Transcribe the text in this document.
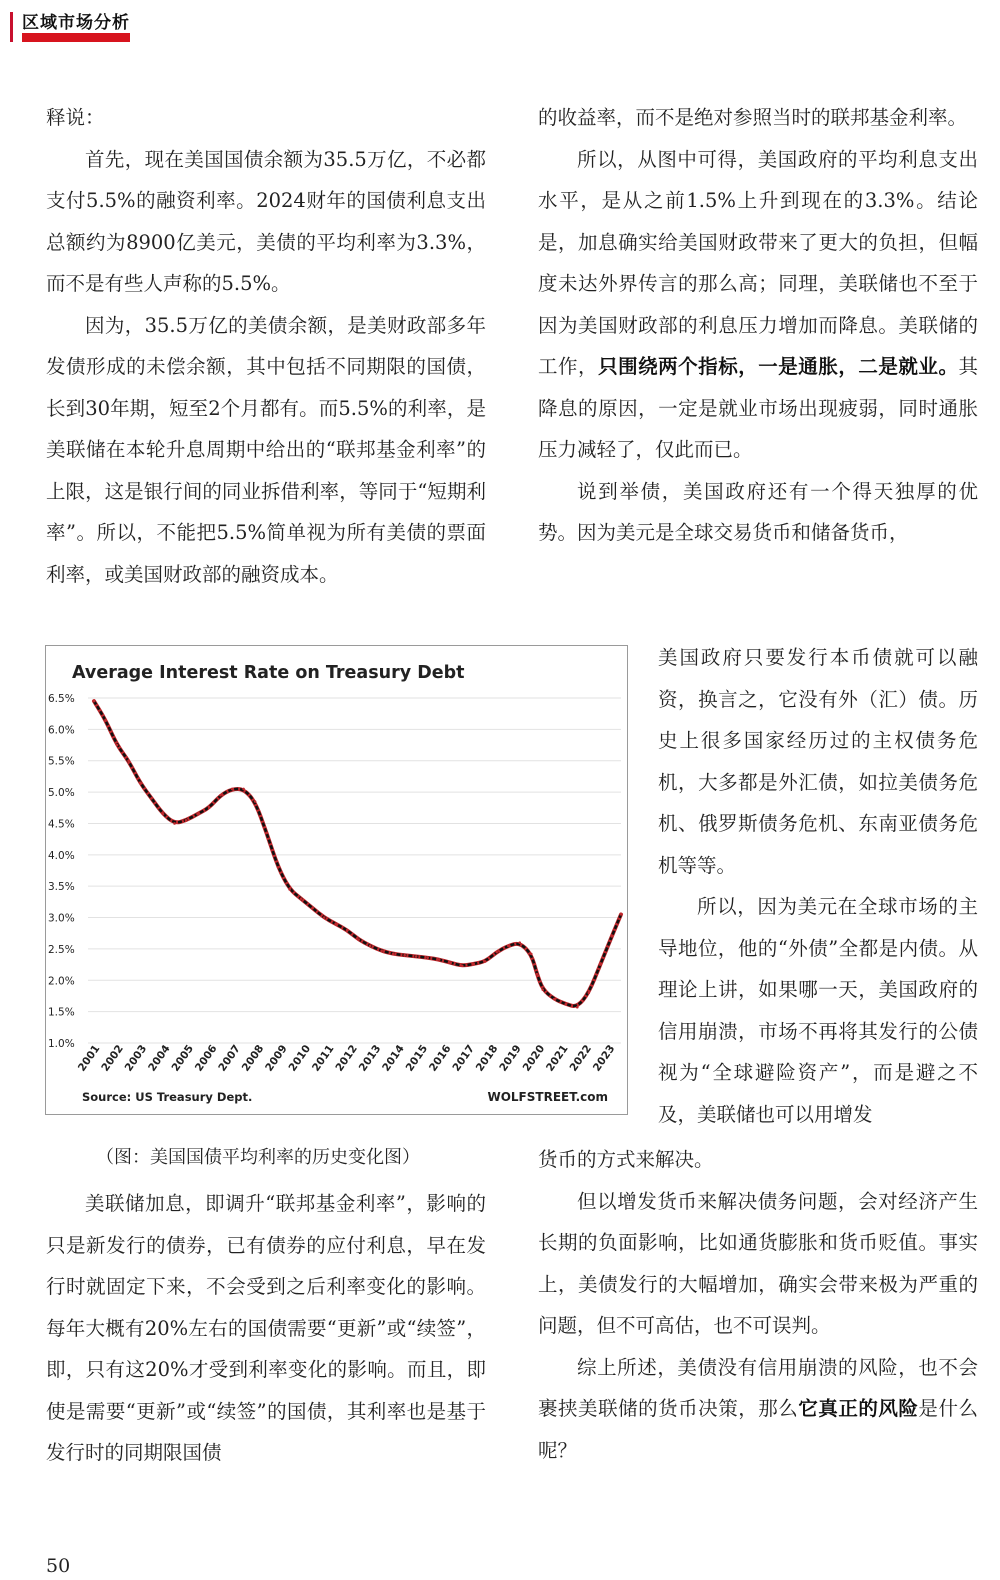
区域市场分析

释说：

首先，现在美国国债余额为35.5万亿，不必都支付5.5%的融资利率。2024财年的国债利息支出总额约为8900亿美元，美债的平均利率为3.3%，而不是有些人声称的5.5%。

因为，35.5万亿的美债余额，是美财政部多年发债形成的未偿余额，其中包括不同期限的国债，长到30年期，短至2个月都有。而5.5%的利率，是美联储在本轮升息周期中给出的“联邦基金利率”的上限，这是银行间的同业拆借利率，等同于“短期利率”。所以，不能把5.5%简单视为所有美债的票面利率，或美国财政部的融资成本。

Average Interest Rate on Treasury Debt
1.0%
1.5%
2.0%
2.5%
3.0%
3.5%
4.0%
4.5%
5.0%
5.5%
6.0%
6.5%
2001
2002
2003
2004
2005
2006
2007
2008
2009
2010
2011
2012
2013
2014
2015
2016
2017
2018
2019
2020
2021
2022
2023
Source: US Treasury Dept.	WOLFSTREET.com
（图：美国国债平均利率的历史变化图）

美联储加息，即调升“联邦基金利率”，影响的只是新发行的债券，已有债券的应付利息，早在发行时就固定下来，不会受到之后利率变化的影响。每年大概有20%左右的国债需要“更新”或“续签”，即，只有这20%才受到利率变化的影响。而且，即使是需要“更新”或“续签”的国债，其利率也是基于发行时的同期限国债

的收益率，而不是绝对参照当时的联邦基金利率。

所以，从图中可得，美国政府的平均利息支出水平，是从之前1.5%上升到现在的3.3%。结论是，加息确实给美国财政带来了更大的负担，但幅度未达外界传言的那么高；同理，美联储也不至于因为美国财政部的利息压力增加而降息。美联储的工作，只围绕两个指标，一是通胀，二是就业。其降息的原因，一定是就业市场出现疲弱，同时通胀压力减轻了，仅此而已。

说到举债，美国政府还有一个得天独厚的优势。因为美元是全球交易货币和储备货币，

美国政府只要发行本币债就可以融资，换言之，它没有外（汇）债。历史上很多国家经历过的主权债务危机，大多都是外汇债，如拉美债务危机、俄罗斯债务危机、东南亚债务危机等等。

所以，因为美元在全球市场的主导地位，他的“外债”全都是内债。从理论上讲，如果哪一天，美国政府的信用崩溃，市场不再将其发行的公债视为“全球避险资产”，而是避之不及，美联储也可以用增发

货币的方式来解决。

但以增发货币来解决债务问题，会对经济产生长期的负面影响，比如通货膨胀和货币贬值。事实上，美债发行的大幅增加，确实会带来极为严重的问题，但不可高估，也不可误判。

综上所述，美债没有信用崩溃的风险，也不会裹挟美联储的货币决策，那么它真正的风险是什么呢？

50
